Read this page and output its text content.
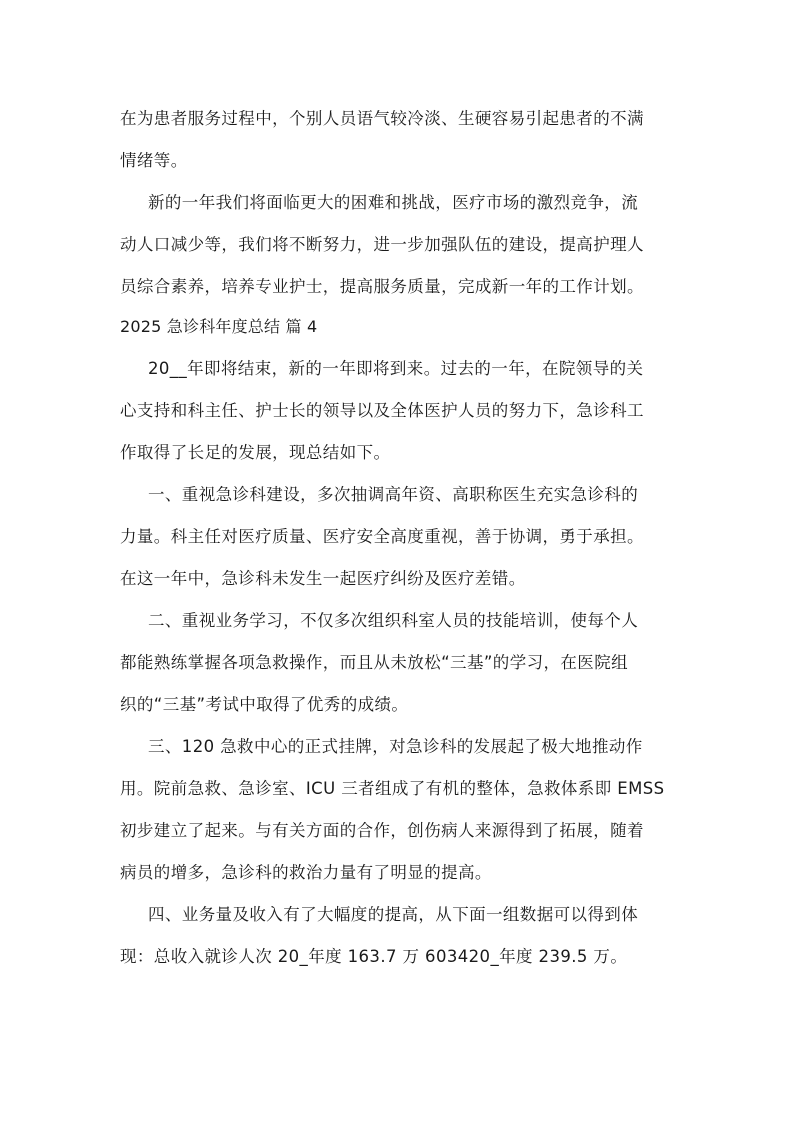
在为患者服务过程中，个别人员语气较冷淡、生硬容易引起患者的不满
情绪等。
新的一年我们将面临更大的困难和挑战，医疗市场的激烈竞争，流
动人口减少等，我们将不断努力，进一步加强队伍的建设，提高护理人
员综合素养，培养专业护士，提高服务质量，完成新一年的工作计划。
2025 急诊科年度总结 篇 4
20__年即将结束，新的一年即将到来。过去的一年，在院领导的关
心支持和科主任、护士长的领导以及全体医护人员的努力下，急诊科工
作取得了长足的发展，现总结如下。
一、重视急诊科建设，多次抽调高年资、高职称医生充实急诊科的
力量。科主任对医疗质量、医疗安全高度重视，善于协调，勇于承担。
在这一年中，急诊科未发生一起医疗纠纷及医疗差错。
二、重视业务学习，不仅多次组织科室人员的技能培训，使每个人
都能熟练掌握各项急救操作，而且从未放松“三基”的学习，在医院组
织的“三基”考试中取得了优秀的成绩。
三、120 急救中心的正式挂牌，对急诊科的发展起了极大地推动作
用。院前急救、急诊室、ICU 三者组成了有机的整体，急救体系即 EMSS
初步建立了起来。与有关方面的合作，创伤病人来源得到了拓展，随着
病员的增多，急诊科的救治力量有了明显的提高。
四、业务量及收入有了大幅度的提高，从下面一组数据可以得到体
现：总收入就诊人次 20_年度 163.7 万 603420_年度 239.5 万。
